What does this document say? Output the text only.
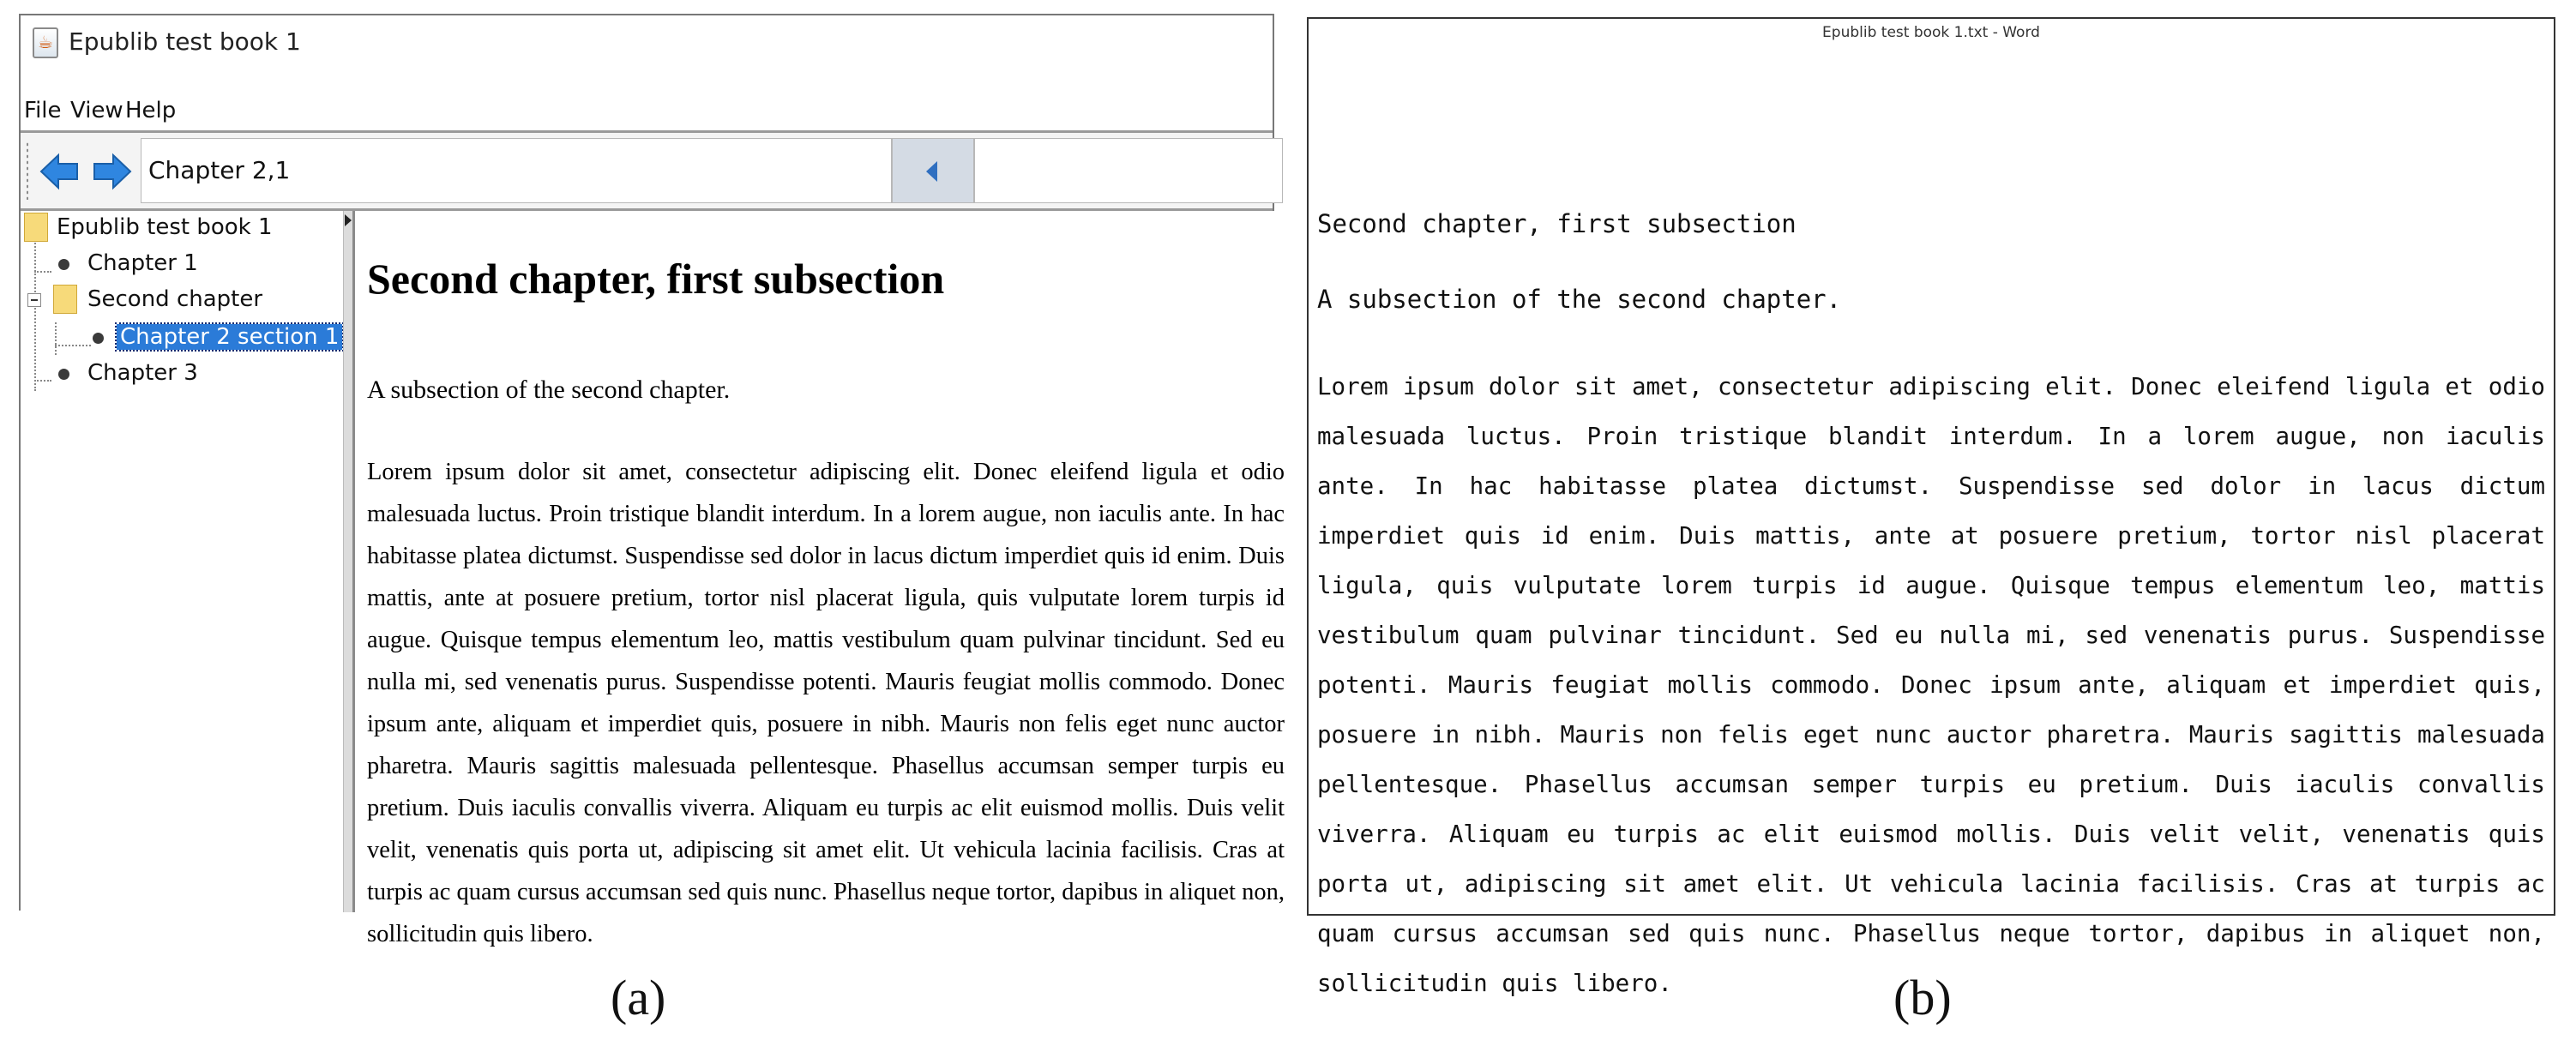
☕ Epublib test book 1
File View Help
Chapter 2,1
Epublib test book 1
Chapter 1
Second chapter
Chapter 2 section 1
Chapter 3
Second chapter, first subsection

A subsection of the second chapter.

Lorem ipsum dolor sit amet, consectetur adipiscing elit. Donec eleifend ligula et odio malesuada luctus. Proin tristique blandit interdum. In a lorem augue, non iaculis ante. In hac habitasse platea dictumst. Suspendisse sed dolor in lacus dictum imperdiet quis id enim. Duis mattis, ante at posuere pretium, tortor nisl placerat ligula, quis vulputate lorem turpis id augue. Quisque tempus elementum leo, mattis vestibulum quam pulvinar tincidunt. Sed eu nulla mi, sed venenatis purus. Suspendisse potenti. Mauris feugiat mollis commodo. Donec ipsum ante, aliquam et imperdiet quis, posuere in nibh. Mauris non felis eget nunc auctor pharetra. Mauris sagittis malesuada pellentesque. Phasellus accumsan semper turpis eu pretium. Duis iaculis convallis viverra. Aliquam eu turpis ac elit euismod mollis. Duis velit velit, venenatis quis porta ut, adipiscing sit amet elit. Ut vehicula lacinia facilisis. Cras at turpis ac quam cursus accumsan sed quis nunc. Phasellus neque tortor, dapibus in aliquet non, sollicitudin quis libero.

Epublib test book 1.txt - Word

Second chapter, first subsection

A subsection of the second chapter.

Lorem ipsum dolor sit amet, consectetur adipiscing elit. Donec eleifend ligula et odio malesuada luctus. Proin tristique blandit interdum. In a lorem augue, non iaculis ante. In hac habitasse platea dictumst. Suspendisse sed dolor in lacus dictum imperdiet quis id enim. Duis mattis, ante at posuere pretium, tortor nisl placerat ligula, quis vulputate lorem turpis id augue. Quisque tempus elementum leo, mattis vestibulum quam pulvinar tincidunt. Sed eu nulla mi, sed venenatis purus. Suspendisse potenti. Mauris feugiat mollis commodo. Donec ipsum ante, aliquam et imperdiet quis, posuere in nibh. Mauris non felis eget nunc auctor pharetra. Mauris sagittis malesuada pellentesque. Phasellus accumsan semper turpis eu pretium. Duis iaculis convallis viverra. Aliquam eu turpis ac elit euismod mollis. Duis velit velit, venenatis quis porta ut, adipiscing sit amet elit. Ut vehicula lacinia facilisis. Cras at turpis ac quam cursus accumsan sed quis nunc. Phasellus neque tortor, dapibus in aliquet non, sollicitudin quis libero.

(a)	(b)
